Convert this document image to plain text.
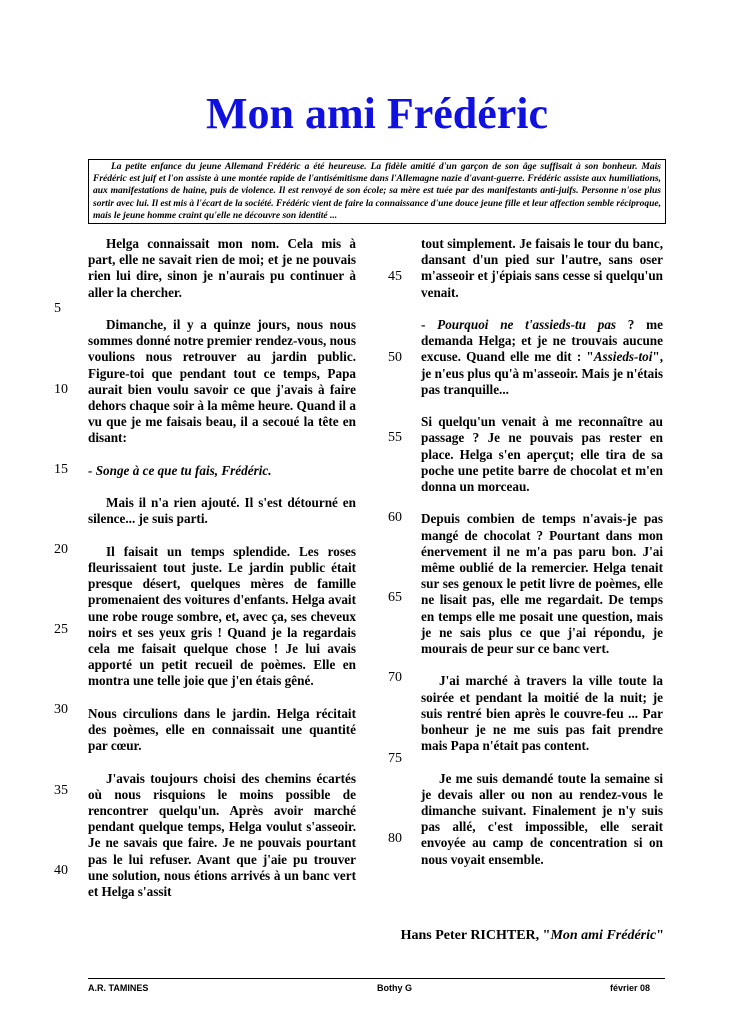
Mon ami Frédéric
La petite enfance du jeune Allemand Frédéric a été heureuse. La fidèle amitié d'un garçon de son âge suffisait à son bonheur. Mais Frédéric est juif et l'on assiste à une montée rapide de l'antisémitisme dans l'Allemagne nazie d'avant-guerre. Frédéric assiste aux humiliations, aux manifestations de haine, puis de violence. Il est renvoyé de son école; sa mère est tuée par des manifestants anti-juifs. Personne n'ose plus sortir avec lui. Il est mis à l'écart de la société. Frédéric vient de faire la connaissance d'une douce jeune fille et leur affection semble réciproque, mais le jeune homme craint qu'elle ne découvre son identité ...

Helga connaissait mon nom. Cela mis à part, elle ne savait rien de moi; et je ne pouvais rien lui dire, sinon je n'aurais pu continuer à aller la chercher.

Dimanche, il y a quinze jours, nous nous sommes donné notre premier rendez-vous, nous voulions nous retrouver au jardin public. Figure-toi que pendant tout ce temps, Papa aurait bien voulu savoir ce que j'avais à faire dehors chaque soir à la même heure. Quand il a vu que je me faisais beau, il a secoué la tête en disant:

- Songe à ce que tu fais, Frédéric.

Mais il n'a rien ajouté. Il s'est détourné en silence... je suis parti.

Il faisait un temps splendide. Les roses fleurissaient tout juste. Le jardin public était presque désert, quelques mères de famille promenaient des voitures d'enfants. Helga avait une robe rouge sombre, et, avec ça, ses cheveux noirs et ses yeux gris ! Quand je la regardais cela me faisait quelque chose ! Je lui avais apporté un petit recueil de poèmes. Elle en montra une telle joie que j'en étais gêné.

Nous circulions dans le jardin. Helga récitait des poèmes, elle en connaissait une quantité par cœur.

J'avais toujours choisi des chemins écartés où nous risquions le moins possible de rencontrer quelqu'un. Après avoir marché pendant quelque temps, Helga voulut s'asseoir. Je ne savais que faire. Je ne pouvais pourtant pas le lui refuser. Avant que j'aie pu trouver une solution, nous étions arrivés à un banc vert et Helga s'assit

tout simplement. Je faisais le tour du banc, dansant d'un pied sur l'autre, sans oser m'asseoir et j'épiais sans cesse si quelqu'un venait.

- Pourquoi ne t'assieds-tu pas ? me demanda Helga; et je ne trouvais aucune excuse. Quand elle me dit : "Assieds-toi", je n'eus plus qu'à m'asseoir. Mais je n'étais pas tranquille...

Si quelqu'un venait à me reconnaître au passage ? Je ne pouvais pas rester en place. Helga s'en aperçut; elle tira de sa poche une petite barre de chocolat et m'en donna un morceau.

Depuis combien de temps n'avais-je pas mangé de chocolat ? Pourtant dans mon énervement il ne m'a pas paru bon. J'ai même oublié de la remercier. Helga tenait sur ses genoux le petit livre de poèmes, elle ne lisait pas, elle me regardait. De temps en temps elle me posait une question, mais je ne sais plus ce que j'ai répondu, je mourais de peur sur ce banc vert.

J'ai marché à travers la ville toute la soirée et pendant la moitié de la nuit; je suis rentré bien après le couvre-feu ... Par bonheur je ne me suis pas fait prendre mais Papa n'était pas content.

Je me suis demandé toute la semaine si je devais aller ou non au rendez-vous le dimanche suivant. Finalement je n'y suis pas allé, c'est impossible, elle serait envoyée au camp de concentration si on nous voyait ensemble.

5
10
15
20
25
30
35
40
45
50
55
60
65
70
75
80
Hans Peter RICHTER, "Mon ami Frédéric"
A.R. TAMINES	Bothy G	février 08
